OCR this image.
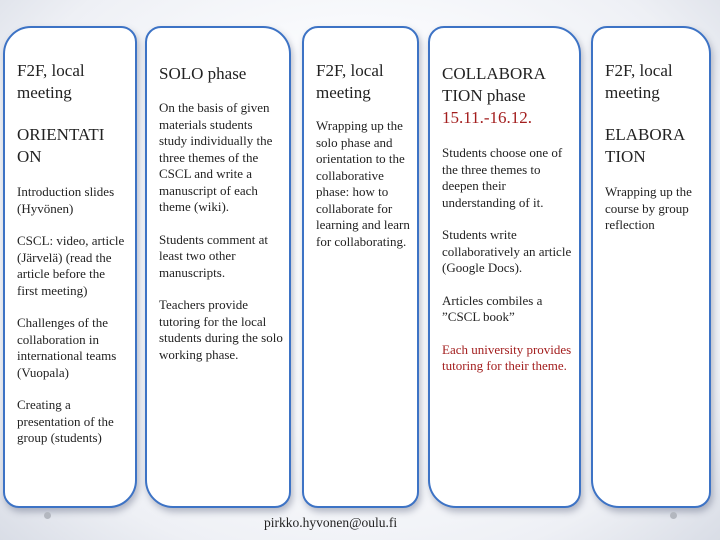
F2F, local meeting

ORIENTATI ON

Introduction slides (Hyvönen)

CSCL: video, article (Järvelä) (read the article before the first meeting)

Challenges of the collaboration in international teams (Vuopala)

Creating a presentation of the group (students)

SOLO phase

On the basis of given materials students study individually the three themes of the CSCL and write a manuscript of each theme (wiki).

Students comment at least two other manuscripts.

Teachers provide tutoring for the local students during the solo working phase.

F2F, local meeting

Wrapping up the solo phase and orientation to the collaborative phase: how to collaborate for learning and learn for collaborating.

COLLABORA TION phase

15.11.-16.12.

Students choose one of the three themes to deepen their understanding of it.

Students write collaboratively an article (Google Docs).

Articles combiles a ”CSCL book”

Each university provides tutoring for their theme.

F2F, local meeting

ELABORA TION

Wrapping up the course by group reflection

pirkko.hyvonen@oulu.fi
